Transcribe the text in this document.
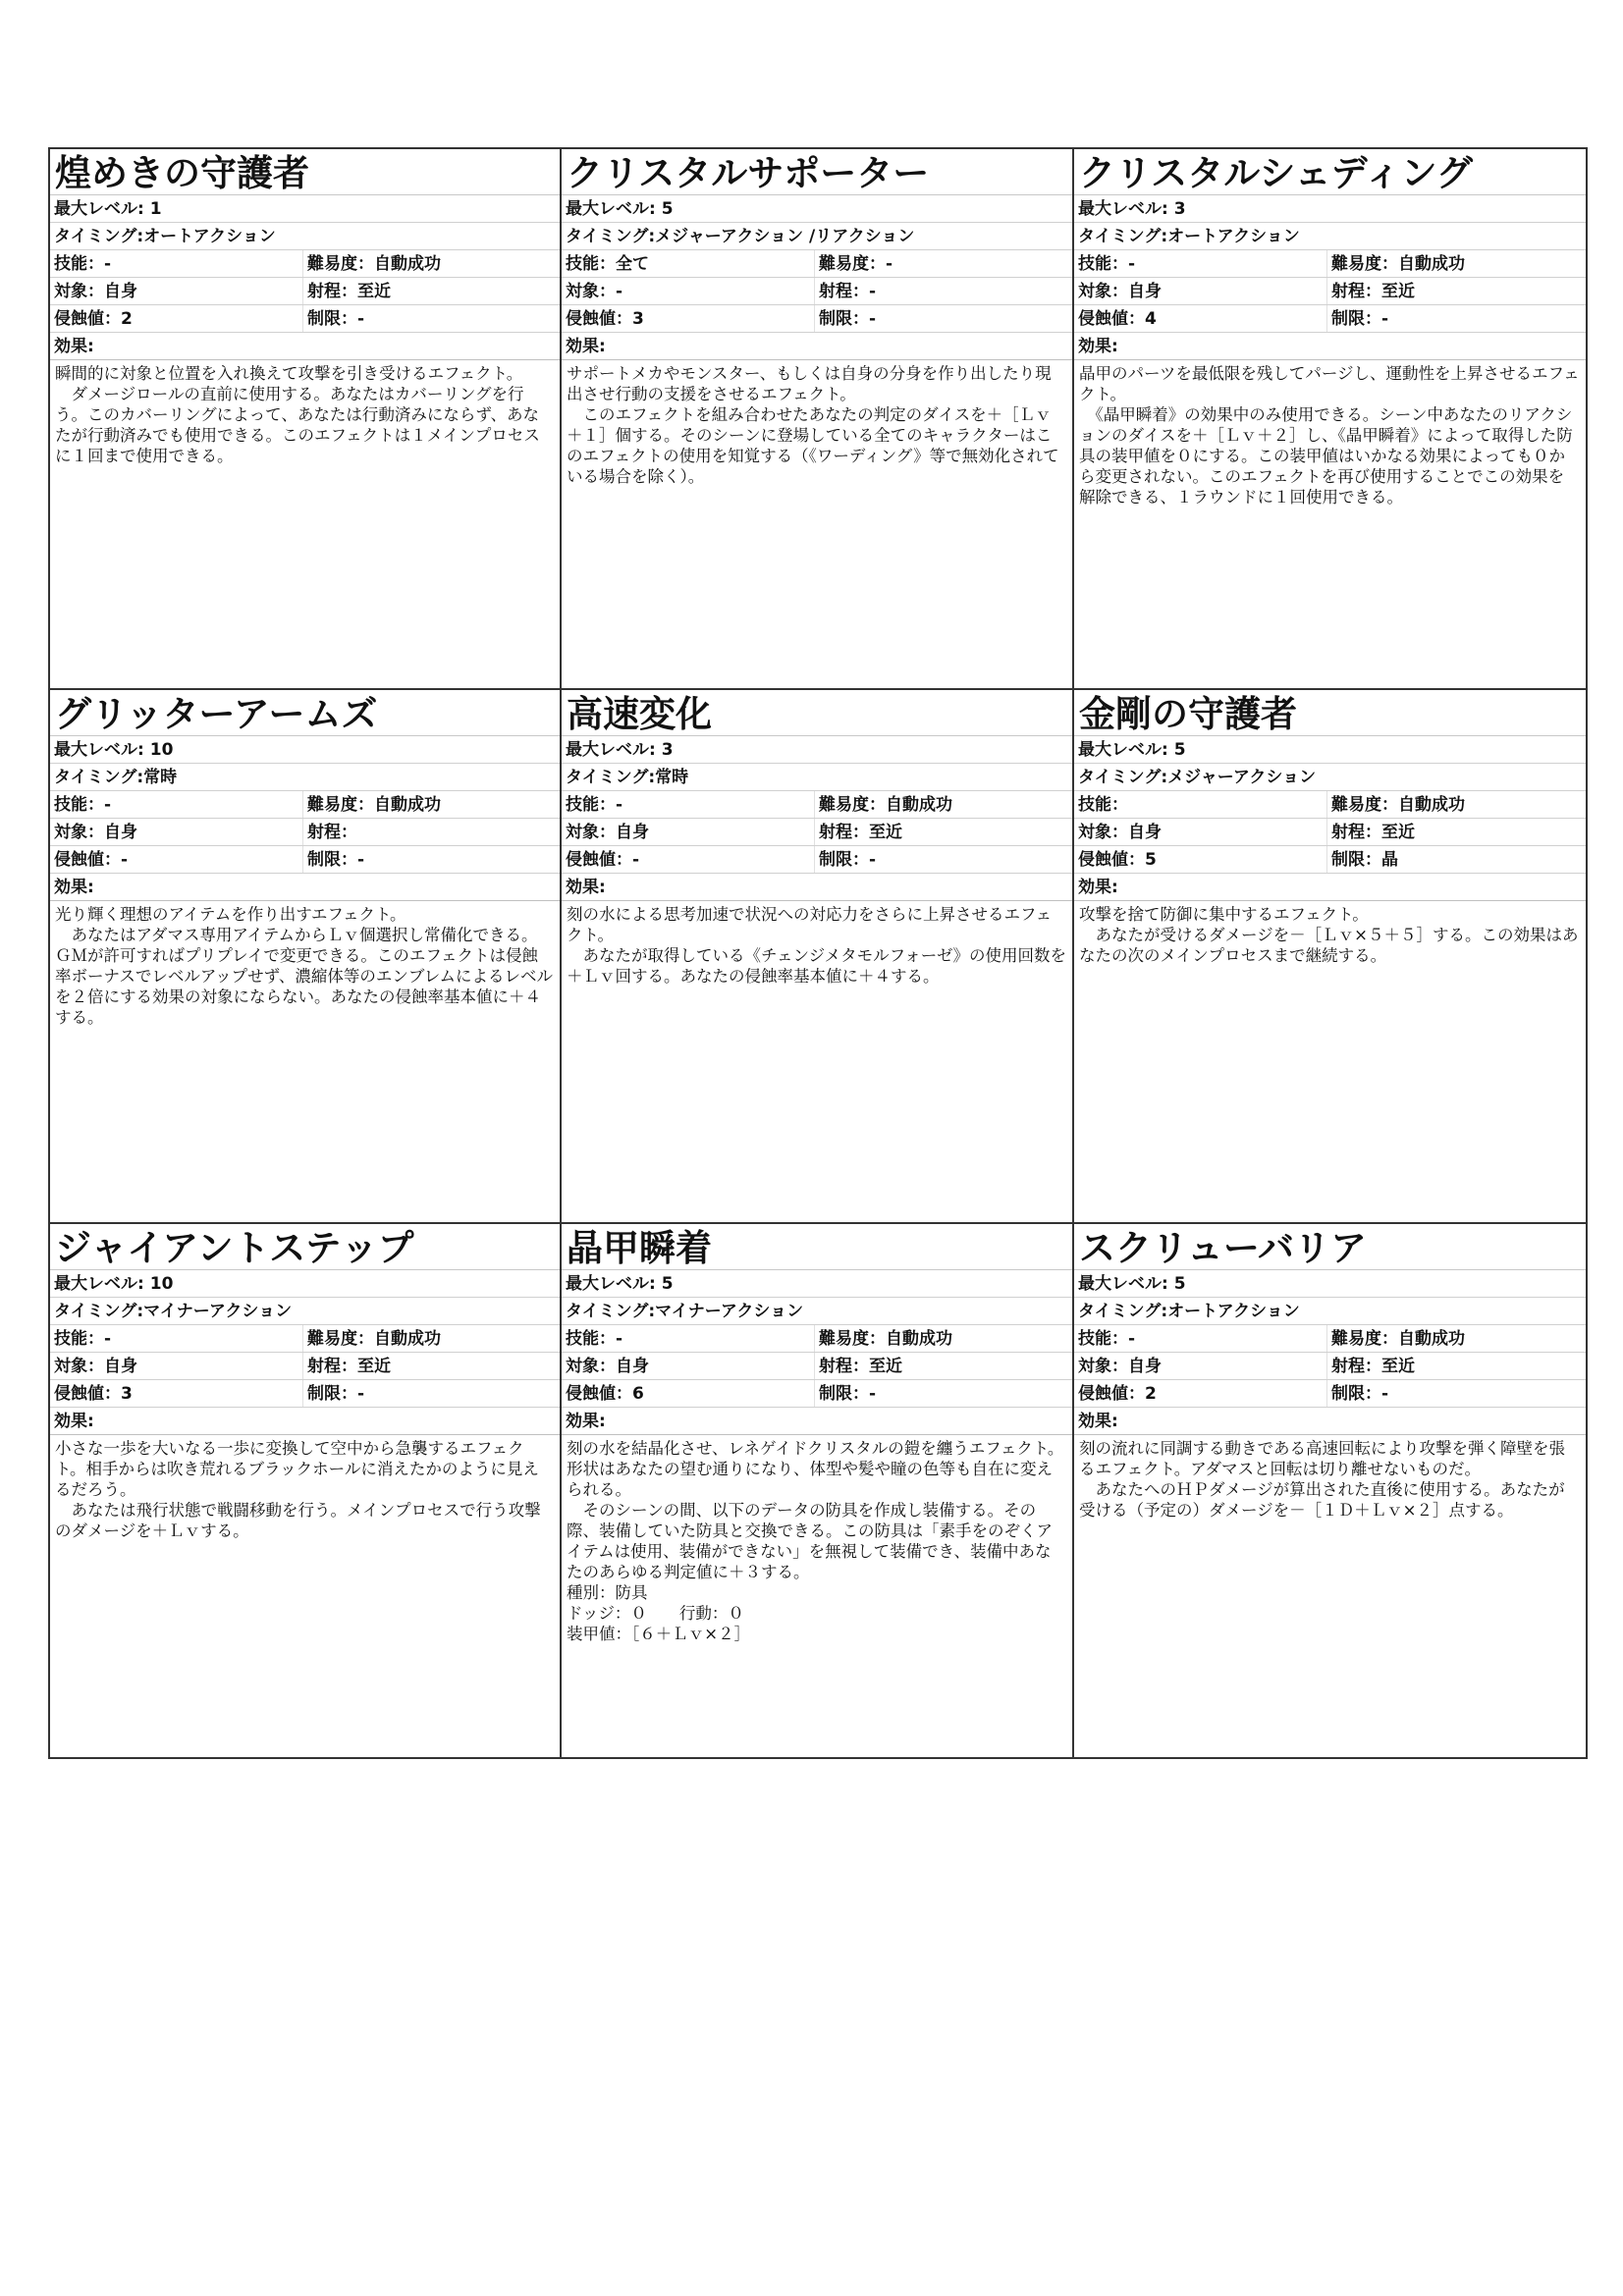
煌めきの守護者
最大レベル: 1
タイミング:オートアクション
技能：-	難易度：自動成功
対象：自身	射程：至近
侵蝕値：2	制限：-
効果:
瞬間的に対象と位置を入れ換えて攻撃を引き受けるエフェクト。
　ダメージロールの直前に使用する。あなたはカバーリングを行う。このカバーリングによって、あなたは行動済みにならず、あなたが行動済みでも使用できる。このエフェクトは１メインプロセスに１回まで使用できる。
クリスタルサポーター
最大レベル: 5
タイミング:メジャーアクション /リアクション
技能：全て	難易度：-
対象：-	射程：-
侵蝕値：3	制限：-
効果:
サポートメカやモンスター、もしくは自身の分身を作り出したり現出させ行動の支援をさせるエフェクト。
　このエフェクトを組み合わせたあなたの判定のダイスを＋［Ｌｖ＋１］個する。そのシーンに登場している全てのキャラクターはこのエフェクトの使用を知覚する（《ワーディング》等で無効化されている場合を除く）。
クリスタルシェディング
最大レベル: 3
タイミング:オートアクション
技能：-	難易度：自動成功
対象：自身	射程：至近
侵蝕値：4	制限：-
効果:
晶甲のパーツを最低限を残してパージし、運動性を上昇させるエフェクト。
　《晶甲瞬着》の効果中のみ使用できる。シーン中あなたのリアクションのダイスを＋［Ｌｖ＋２］し、《晶甲瞬着》によって取得した防具の装甲値を０にする。この装甲値はいかなる効果によっても０から変更されない。このエフェクトを再び使用することでこの効果を解除できる、１ラウンドに１回使用できる。
グリッターアームズ
最大レベル: 10
タイミング:常時
技能：-	難易度：自動成功
対象：自身	射程：
侵蝕値：-	制限：-
効果:
光り輝く理想のアイテムを作り出すエフェクト。
　あなたはアダマス専用アイテムからＬｖ個選択し常備化できる。ＧＭが許可すればプリプレイで変更できる。このエフェクトは侵蝕率ボーナスでレベルアップせず、濃縮体等のエンブレムによるレベルを２倍にする効果の対象にならない。あなたの侵蝕率基本値に＋４する。
高速変化
最大レベル: 3
タイミング:常時
技能：-	難易度：自動成功
対象：自身	射程：至近
侵蝕値：-	制限：-
効果:
刻の水による思考加速で状況への対応力をさらに上昇させるエフェクト。
　あなたが取得している《チェンジメタモルフォーゼ》の使用回数を＋Ｌｖ回する。あなたの侵蝕率基本値に＋４する。
金剛の守護者
最大レベル: 5
タイミング:メジャーアクション
技能：	難易度：自動成功
対象：自身	射程：至近
侵蝕値：5	制限：晶
効果:
攻撃を捨て防御に集中するエフェクト。
　あなたが受けるダメージを－［Ｌｖ×５＋５］する。この効果はあなたの次のメインプロセスまで継続する。
ジャイアントステップ
最大レベル: 10
タイミング:マイナーアクション
技能：-	難易度：自動成功
対象：自身	射程：至近
侵蝕値：3	制限：-
効果:
小さな一歩を大いなる一歩に変換して空中から急襲するエフェクト。相手からは吹き荒れるブラックホールに消えたかのように見えるだろう。
　あなたは飛行状態で戦闘移動を行う。メインプロセスで行う攻撃のダメージを＋Ｌｖする。
晶甲瞬着
最大レベル: 5
タイミング:マイナーアクション
技能：-	難易度：自動成功
対象：自身	射程：至近
侵蝕値：6	制限：-
効果:
刻の水を結晶化させ、レネゲイドクリスタルの鎧を纏うエフェクト。形状はあなたの望む通りになり、体型や髪や瞳の色等も自在に変えられる。
　そのシーンの間、以下のデータの防具を作成し装備する。その際、装備していた防具と交換できる。この防具は「素手をのぞくアイテムは使用、装備ができない」を無視して装備でき、装備中あなたのあらゆる判定値に＋３する。
種別：防具
ドッジ：０　　行動：０
装甲値：［６＋Ｌｖ×２］
スクリューバリア
最大レベル: 5
タイミング:オートアクション
技能：-	難易度：自動成功
対象：自身	射程：至近
侵蝕値：2	制限：-
効果:
刻の流れに同調する動きである高速回転により攻撃を弾く障壁を張るエフェクト。アダマスと回転は切り離せないものだ。
　あなたへのＨＰダメージが算出された直後に使用する。あなたが受ける（予定の）ダメージを－［１Ｄ＋Ｌｖ×２］点する。
